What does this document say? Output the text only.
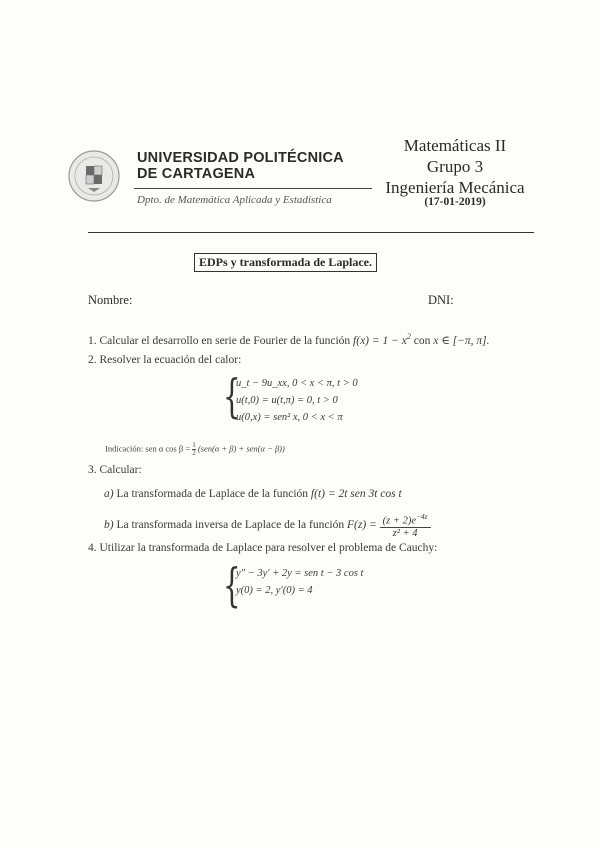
UNIVERSIDAD POLITÉCNICA
DE CARTAGENA
Dpto. de Matemática Aplicada y Estadística
Matemáticas II
Grupo 3
Ingeniería Mecánica
(17-01-2019)
EDPs y transformada de Laplace.
Nombre:	DNI:
1. Calcular el desarrollo en serie de Fourier de la función $f(x) = 1 - x^2$ con x ∈ [−π, π].
2. Resolver la ecuación del calor:
{
u_t − 9u_xx, 0 < x < π, t > 0
u(t,0) = u(t,π) = 0, t > 0
u(0,x) = sen² x, 0 < x < π
Indicación: sen α $\cos \beta = \frac{1}{2} (sen(\alpha + \beta) + sen(\alpha - \beta))$
3. Calcular:
a) La transformada de Laplace de la función f(t) = 2t sen 3t cos t
b) La transformada inversa de Laplace de la función $F(z) = \frac{(z + 2)e^{-4z}}{\text{z² + 4}}$
4. Utilizar la transformada de Laplace para resolver el problema de Cauchy:
{
y″ − 3y′ + 2y = sen t − 3 cos t
y(0) = 2, y′(0) = 4
